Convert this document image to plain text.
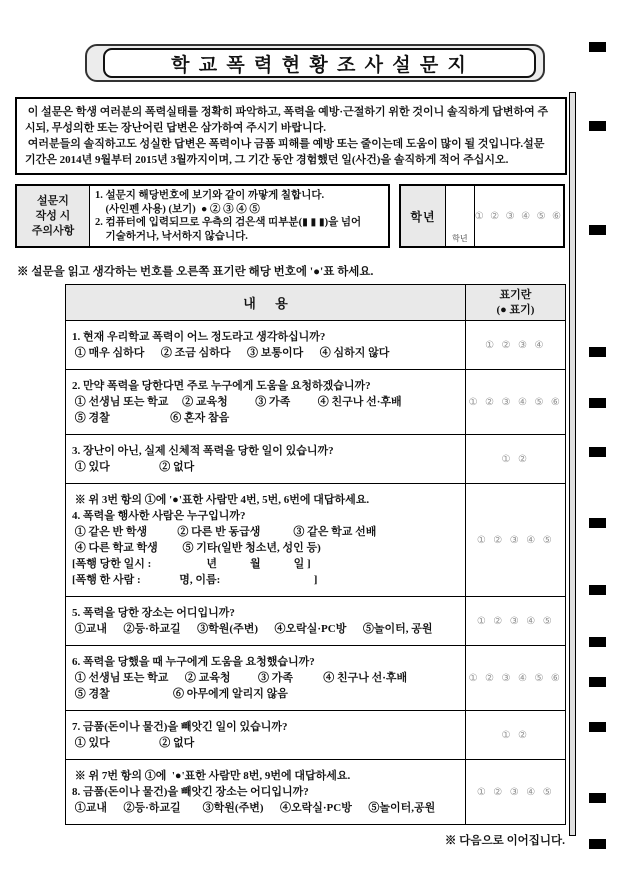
학 교 폭 력 현 황 조 사 설 문 지

이 설문은 학생 여러분의 폭력실태를 정확히 파악하고, 폭력을 예방·근절하기 위한 것이니 솔직하게 답변하여 주시되, 무성의한 또는 장난어린 답변은 삼가하여 주시기 바랍니다.

여러분들의 솔직하고도 성실한 답변은 폭력이나 금품 피해를 예방 또는 줄이는데 도움이 많이 될 것입니다.설문 기간은 2014년 9월부터 2015년 3월까지이며, 그 기간 동안 경험했던 일(사건)을 솔직하게 적어 주십시오.

설문지
작성 시
주의사항
1. 설문지 해당번호에 보기와 같이 까맣게 칠합니다.
(사인펜 사용) (보기)  ● ② ③ ④ ⑤
2. 컴퓨터에 입력되므로 우측의 검은색 띠부분(▮ ▮ ▮)을 넘어
기술하거나, 낙서하지 않습니다.
학년
학년
① ② ③ ④ ⑤ ⑥
※ 설문을 읽고 생각하는 번호를 오른쪽 표기란 해당 번호에 '●'표 하세요.
내      용	표기란
(● 표기)

1. 현재 우리학교 폭력이 어느 정도라고 생각하십니까?
① 매우 심하다      ② 조금 심하다      ③ 보통이다      ④ 심하지 않다	① ② ③ ④

2. 만약 폭력을 당한다면 주로 누구에게 도움을 요청하겠습니까?
① 선생님 또는 학교     ② 교육청          ③ 가족          ④ 친구나 선·후배
⑤ 경찰                      ⑥ 혼자 참음	① ② ③ ④ ⑤ ⑥

3. 장난이 아닌, 실제 신체적 폭력을 당한 일이 있습니까?
① 있다                  ② 없다	① ②

※ 위 3번 항의 ①에 '●'표한 사람만 4번, 5번, 6번에 대답하세요.
4. 폭력을 행사한 사람은 누구입니까?
① 같은 반 학생           ② 다른 반 동급생            ③ 같은 학교 선배
④ 다른 학교 학생         ⑤ 기타(일반 청소년, 성인 등)
[폭행 당한 일시 :                    년            월            일 ]
[폭행 한 사람 :              명, 이름:                                  ]
	① ② ③ ④ ⑤

5. 폭력을 당한 장소는 어디입니까?
①교내      ②등·하교길      ③학원(주변)      ④오락실·PC방      ⑤놀이터, 공원	① ② ③ ④ ⑤

6. 폭력을 당했을 때 누구에게 도움을 요청했습니까?
① 선생님 또는 학교      ② 교육청          ③ 가족           ④ 친구나 선·후배
⑤ 경찰                       ⑥ 아무에게 알리지 않음	① ② ③ ④ ⑤ ⑥

7. 금품(돈이나 물건)을 빼앗긴 일이 있습니까?
① 있다                  ② 없다	① ②

※ 위 7번 항의 ①에  '●'표한 사람만 8번, 9번에 대답하세요.
8. 금품(돈이나 물건)을 빼앗긴 장소는 어디입니까?
①교내      ②등·하교길        ③학원(주변)      ④오락실·PC방      ⑤놀이터,공원	① ② ③ ④ ⑤
※ 다음으로 이어집니다.
